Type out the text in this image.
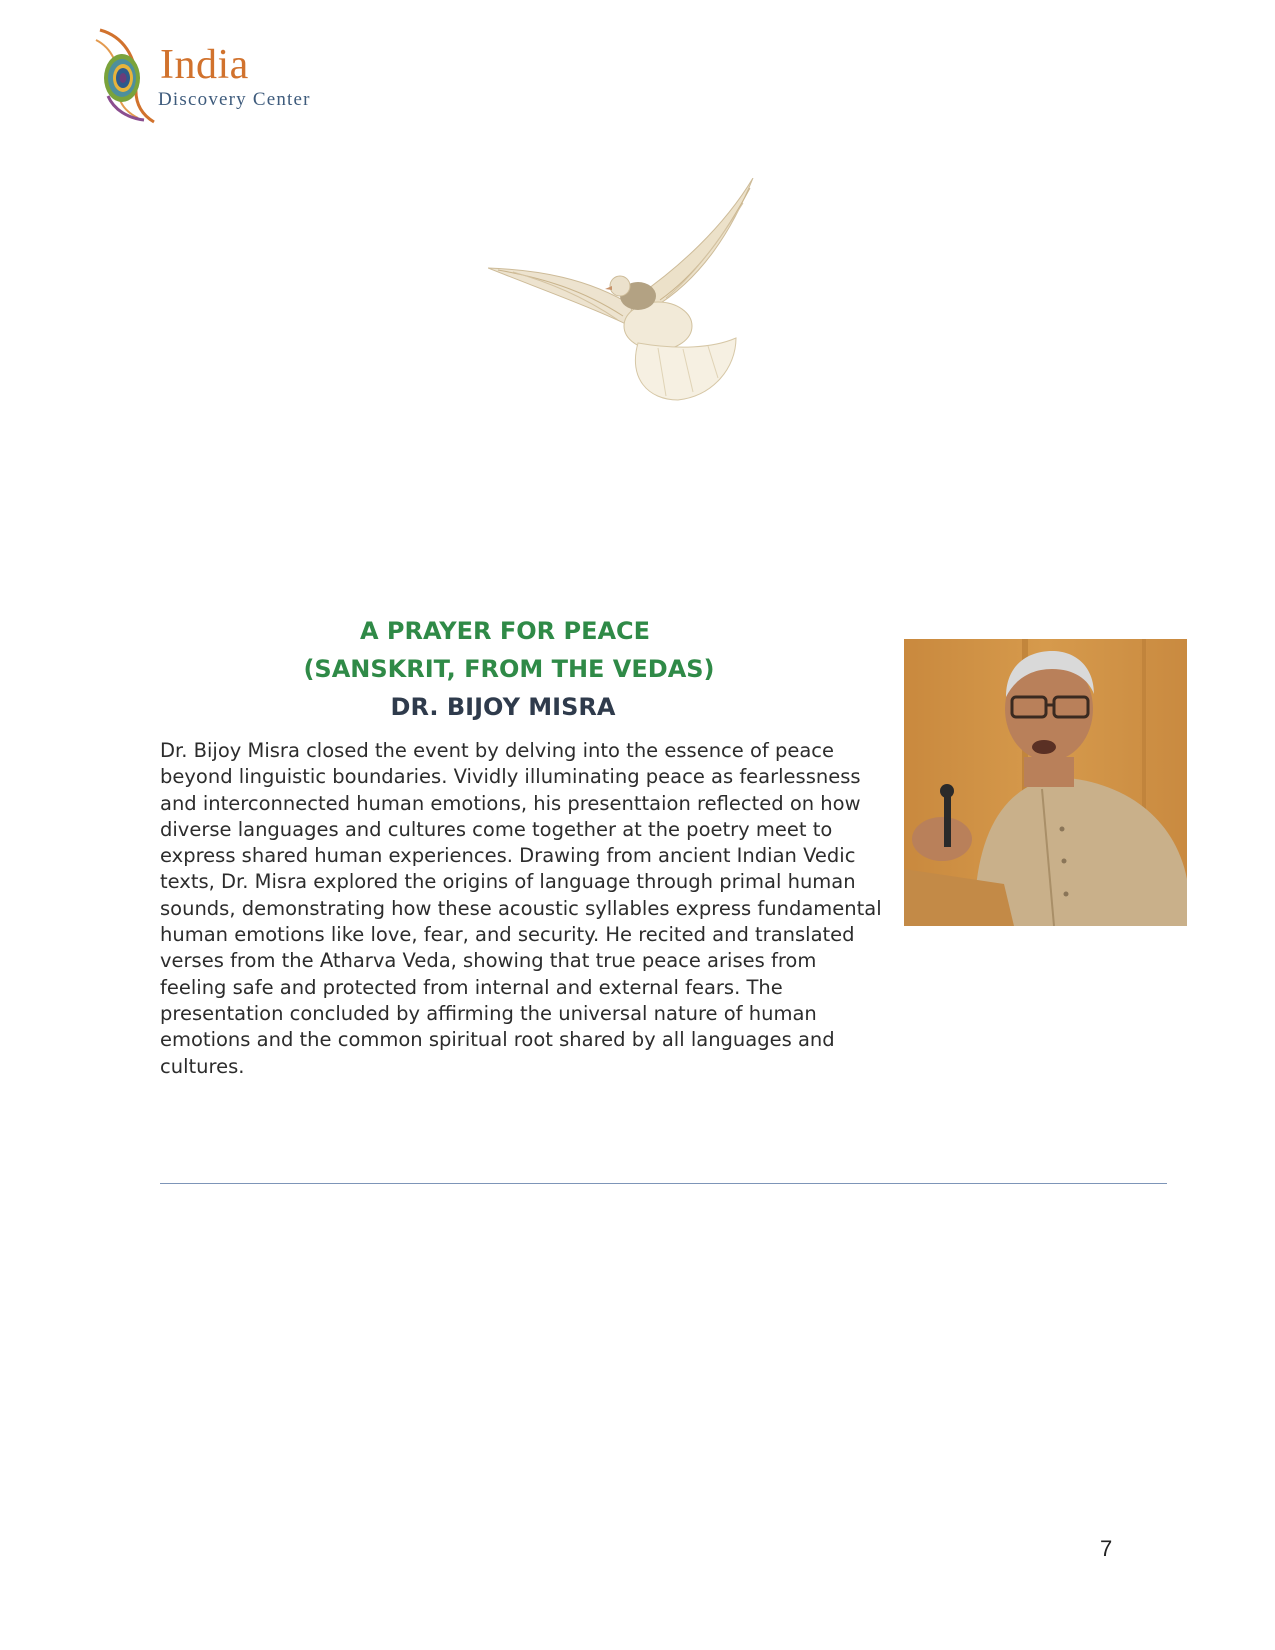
India
Discovery Center
A PRAYER FOR PEACE
(SANSKRIT, FROM THE VEDAS)
DR. BIJOY MISRA

Dr. Bijoy Misra closed the event by delving into the essence of peace beyond linguistic boundaries. Vividly illuminating peace as fearlessness and interconnected human emotions, his presenttaion reflected on how diverse languages and cultures come together at the poetry meet to express shared human experiences. Drawing from ancient Indian Vedic texts, Dr. Misra explored the origins of language through primal human sounds, demonstrating how these acoustic syllables express fundamental human emotions like love, fear, and security. He recited and translated verses from the Atharva Veda, showing that true peace arises from feeling safe and protected from internal and external fears. The presentation concluded by affirming the universal nature of human emotions and the common spiritual root shared by all languages and cultures.

7
